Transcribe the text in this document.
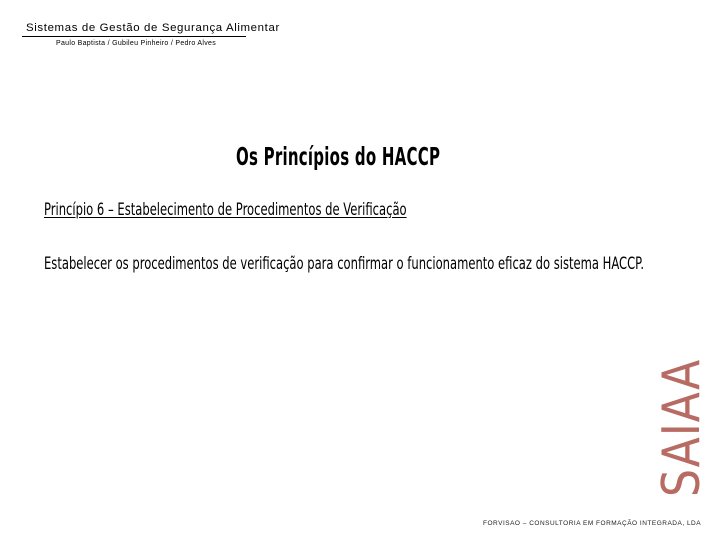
Sistemas de Gestão de Segurança Alimentar
Paulo Baptista / Gubileu Pinheiro / Pedro Alves
Os Princípios do HACCP
Princípio 6 – Estabelecimento de Procedimentos de Verificação
Estabelecer os procedimentos de verificação para confirmar o funcionamento eficaz do sistema HACCP.
SAIAA
FORVISAO – CONSULTORIA EM FORMAÇÃO INTEGRADA, LDA
